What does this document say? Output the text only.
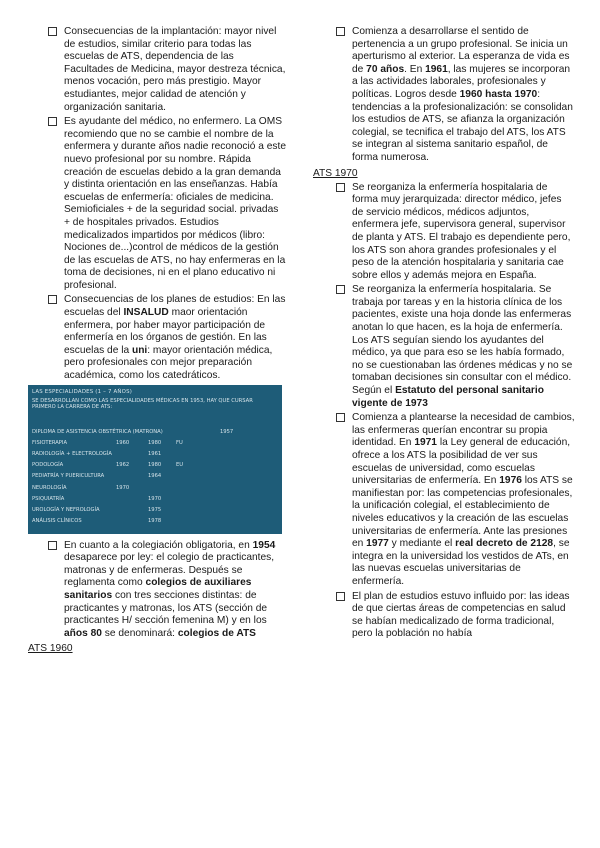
Consecuencias de la implantación: mayor nivel de estudios, similar criterio para todas las escuelas de ATS, dependencia de las Facultades de Medicina, mayor destreza técnica, menos vocación, pero más prestigio. Mayor estudiantes, mejor calidad de atención y organización sanitaria.
Es ayudante del médico, no enfermero. La OMS recomiendo que no se cambie el nombre de la enfermera y durante años nadie reconoció a este nuevo profesional por su nombre. Rápida creación de escuelas debido a la gran demanda y distinta orientación en las enseñanzas. Había escuelas de enfermería: oficiales de medicina. Semioficiales + de la seguridad social. privadas + de hospitales privados. Estudios medicalizados impartidos por médicos (libro: Nociones de...)control de médicos de la gestión de las escuelas de ATS, no hay enfermeras en la toma de decisiones, ni en el plano educativo ni profesional.
Consecuencias de los planes de estudios: En las escuelas del INSALUD maor orientación enfermera, por haber mayor participación de enfermería en los órganos de gestión. En las escuelas de la uni: mayor orientación médica, pero profesionales con mejor preparación académica, como los catedráticos.
LAS ESPECIALIDADES (1 – 7 AÑOS)
SE DESARROLLAN COMO LAS ESPECIALIDADES MÉDICAS EN 1953, HAY QUE CURSAR PRIMERO LA CARRERA DE ATS:
DIPLOMA DE ASISTENCIA OBSTÉTRICA (MATRONA)	1957
FISIOTERAPIA	1960	1980	FU
RADIOLOGÍA + ELECTROLOGÍA	1961
PODOLOGÍA	1962	1980	EU
PEDIATRÍA Y PUERICULTURA	1964
NEUROLOGÍA	1970
PSIQUIATRÍA	1970
UROLOGÍA Y NEFROLOGÍA	1975
ANÁLISIS CLÍNICOS	1978
En cuanto a la colegiación obligatoria, en 1954 desaparece por ley: el colegio de practicantes, matronas y de enfermeras. Después se reglamenta como colegios de auxiliares sanitarios con tres secciones distintas: de practicantes y matronas, los ATS (sección de practicantes H/ sección femenina M) y en los años 80 se denominará: colegios de ATS
ATS 1960
Comienza a desarrollarse el sentido de pertenencia a un grupo profesional. Se inicia un aperturismo al exterior. La esperanza de vida es de 70 años. En 1961, las mujeres se incorporan a las actividades laborales, profesionales y políticas. Logros desde 1960 hasta 1970: tendencias a la profesionalización: se consolidan los estudios de ATS, se afianza la organización colegial, se tecnifica el trabajo del ATS, los ATS se integran al sistema sanitario español, de forma numerosa.
ATS 1970
Se reorganiza la enfermería hospitalaria de forma muy jerarquizada: director médico, jefes de servicio médicos, médicos adjuntos, enfermera jefe, supervisora general, supervisor de planta y ATS. El trabajo es dependiente pero, los ATS son ahora grandes profesionales y el peso de la atención hospitalaria y sanitaria cae sobre ellos y además mejora en España.
Se reorganiza la enfermería hospitalaria. Se trabaja por tareas y en la historia clínica de los pacientes, existe una hoja donde las enfermeras anotan lo que hacen, es la hoja de enfermería. Los ATS seguían siendo los ayudantes del médico, ya que para eso se les había formado, no se cuestionaban las órdenes médicas y no se tomaban decisiones sin consultar con el médico. Según el Estatuto del personal sanitario vigente de 1973
Comienza a plantearse la necesidad de cambios, las enfermeras querían encontrar su propia identidad. En 1971 la Ley general de educación, ofrece a los ATS la posibilidad de ver sus escuelas de universidad, como escuelas universitarias de enfermería. En 1976 los ATS se manifiestan por: las competencias profesionales, la unificación colegial, el establecimiento de niveles educativos y la creación de las escuelas universitarias de enfermería. Ante las presiones en 1977 y mediante el real decreto de 2128, se integra en la universidad los vestidos de ATs, en las nuevas escuelas universitarias de enfermería.
El plan de estudios estuvo influido por: las ideas de que ciertas áreas de competencias en salud se habían medicalizado de forma tradicional, pero la población no había
